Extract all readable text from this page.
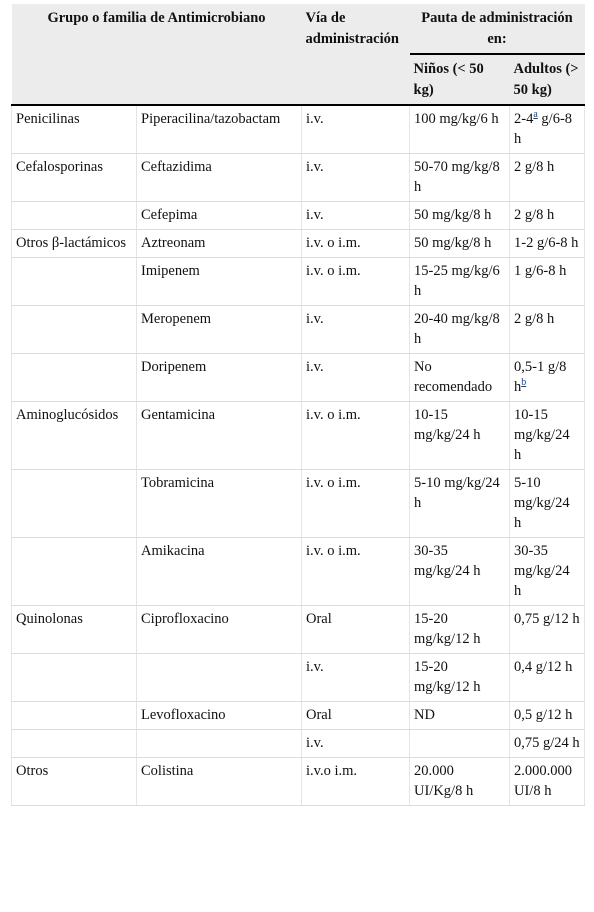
Grupo o familia de Antimicrobiano		Vía de administración	Pauta de administración en:	
			Niños (< 50 kg)	Adultos (> 50 kg)
Penicilinas	Piperacilina/tazobactam	i.v.	100 mg/kg/6 h	2-4$^a$ g/6-8 h
Cefalosporinas	Ceftazidima	i.v.	50-70 mg/kg/8 h	2 g/8 h
	Cefepima	i.v.	50 mg/kg/8 h	2 g/8 h
Otros β-lactámicos	Aztreonam	i.v. o i.m.	50 mg/kg/8 h	1-2 g/6-8 h
	Imipenem	i.v. o i.m.	15-25 mg/kg/6 h	1 g/6-8 h
	Meropenem	i.v.	20-40 mg/kg/8 h	2 g/8 h
	Doripenem	i.v.	No recomendado	0,5-1 g/8 h$^b$
Aminoglucósidos	Gentamicina	i.v. o i.m.	10-15 mg/kg/24 h	10-15 mg/kg/24 h
	Tobramicina	i.v. o i.m.	5-10 mg/kg/24 h	5-10 mg/kg/24 h
	Amikacina	i.v. o i.m.	30-35 mg/kg/24 h	30-35 mg/kg/24 h
Quinolonas	Ciprofloxacino	Oral	15-20 mg/kg/12 h	0,75 g/12 h
		i.v.	15-20 mg/kg/12 h	0,4 g/12 h
	Levofloxacino	Oral	ND	0,5 g/12 h
		i.v.		0,75 g/24 h
Otros	Colistina	i.v.o i.m.	20.000 UI/Kg/8 h	2.000.000 UI/8 h
